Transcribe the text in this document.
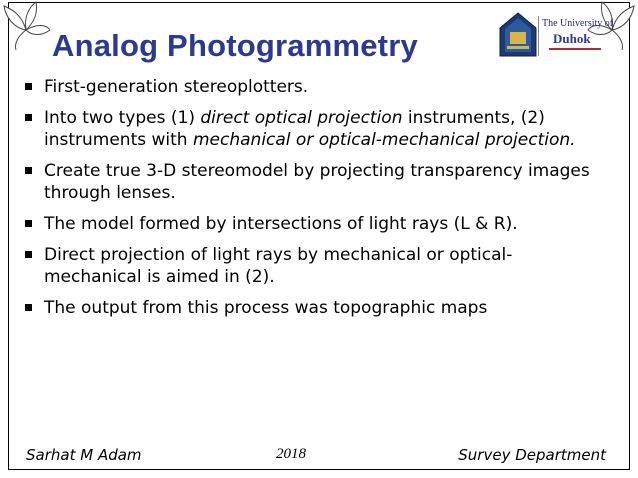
Analog Photogrammetry
The University of
Duhok
First-generation stereoplotters.
Into two types (1) direct optical projection instruments, (2) instruments with mechanical or optical-mechanical projection.
Create true 3-D stereomodel by projecting transparency images through lenses.
The model formed by intersections of light rays (L & R).
Direct projection of light rays by mechanical or optical-mechanical is aimed in (2).
The output from this process was topographic maps
Sarhat M Adam	2018	Survey Department
